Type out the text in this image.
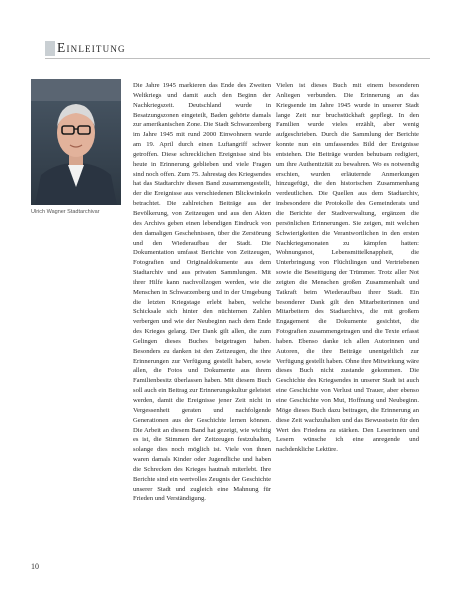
Einleitung
Ulrich Wagner Stadtarchivar

Die Jahre 1945 markieren das Ende des Zweiten Weltkriegs und damit auch den Beginn der Nachkriegszeit. Deutschland wurde in Besatzungszonen eingeteilt, Baden gehörte damals zur amerikanischen Zone. Die Stadt Schwarzenberg im Jahre 1945 mit rund 2000 Einwohnern wurde am 19. April durch einen Luftangriff schwer getroffen. Diese schrecklichen Ereignisse sind bis heute in Erinnerung geblieben und viele Fragen sind noch offen. Zum 75. Jahrestag des Kriegsendes hat das Stadtarchiv diesen Band zusammengestellt, der die Ereignisse aus verschiedenen Blickwinkeln betrachtet. Die zahlreichen Beiträge aus der Bevölkerung, von Zeitzeugen und aus den Akten des Archivs geben einen lebendigen Eindruck von den damaligen Geschehnissen, über die Zerstörung und den Wiederaufbau der Stadt. Die Dokumentation umfasst Berichte von Zeitzeugen, Fotografien und Originaldokumente aus dem Stadtarchiv und aus privaten Sammlungen. Mit ihrer Hilfe kann nachvollzogen werden, wie die Menschen in Schwarzenberg und in der Umgebung die letzten Kriegstage erlebt haben, welche Schicksale sich hinter den nüchternen Zahlen verbergen und wie der Neubeginn nach dem Ende des Krieges gelang. Der Dank gilt allen, die zum Gelingen dieses Buches beigetragen haben. Besonders zu danken ist den Zeitzeugen, die ihre Erinnerungen zur Verfügung gestellt haben, sowie allen, die Fotos und Dokumente aus ihrem Familienbesitz überlassen haben. Mit diesem Buch soll auch ein Beitrag zur Erinnerungskultur geleistet werden, damit die Ereignisse jener Zeit nicht in Vergessenheit geraten und nachfolgende Generationen aus der Geschichte lernen können. Die Arbeit an diesem Band hat gezeigt, wie wichtig es ist, die Stimmen der Zeitzeugen festzuhalten, solange dies noch möglich ist. Viele von ihnen waren damals Kinder oder Jugendliche und haben die Schrecken des Krieges hautnah miterlebt. Ihre Berichte sind ein wertvolles Zeugnis der Geschichte unserer Stadt und zugleich eine Mahnung für Frieden und Verständigung.

Vielen ist dieses Buch mit einem besonderen Anliegen verbunden. Die Erinnerung an das Kriegsende im Jahre 1945 wurde in unserer Stadt lange Zeit nur bruchstückhaft gepflegt. In den Familien wurde vieles erzählt, aber wenig aufgeschrieben. Durch die Sammlung der Berichte konnte nun ein umfassendes Bild der Ereignisse entstehen. Die Beiträge wurden behutsam redigiert, um ihre Authentizität zu bewahren. Wo es notwendig erschien, wurden erläuternde Anmerkungen hinzugefügt, die den historischen Zusammenhang verdeutlichen. Die Quellen aus dem Stadtarchiv, insbesondere die Protokolle des Gemeinderats und die Berichte der Stadtverwaltung, ergänzen die persönlichen Erinnerungen. Sie zeigen, mit welchen Schwierigkeiten die Verantwortlichen in den ersten Nachkriegsmonaten zu kämpfen hatten: Wohnungsnot, Lebensmittelknappheit, die Unterbringung von Flüchtlingen und Vertriebenen sowie die Beseitigung der Trümmer. Trotz aller Not zeigten die Menschen großen Zusammenhalt und Tatkraft beim Wiederaufbau ihrer Stadt. Ein besonderer Dank gilt den Mitarbeiterinnen und Mitarbeitern des Stadtarchivs, die mit großem Engagement die Dokumente gesichtet, die Fotografien zusammengetragen und die Texte erfasst haben. Ebenso danke ich allen Autorinnen und Autoren, die ihre Beiträge unentgeltlich zur Verfügung gestellt haben. Ohne ihre Mitwirkung wäre dieses Buch nicht zustande gekommen. Die Geschichte des Kriegsendes in unserer Stadt ist auch eine Geschichte von Verlust und Trauer, aber ebenso eine Geschichte von Mut, Hoffnung und Neubeginn. Möge dieses Buch dazu beitragen, die Erinnerung an diese Zeit wachzuhalten und das Bewusstsein für den Wert des Friedens zu stärken. Den Leserinnen und Lesern wünsche ich eine anregende und nachdenkliche Lektüre.

10
